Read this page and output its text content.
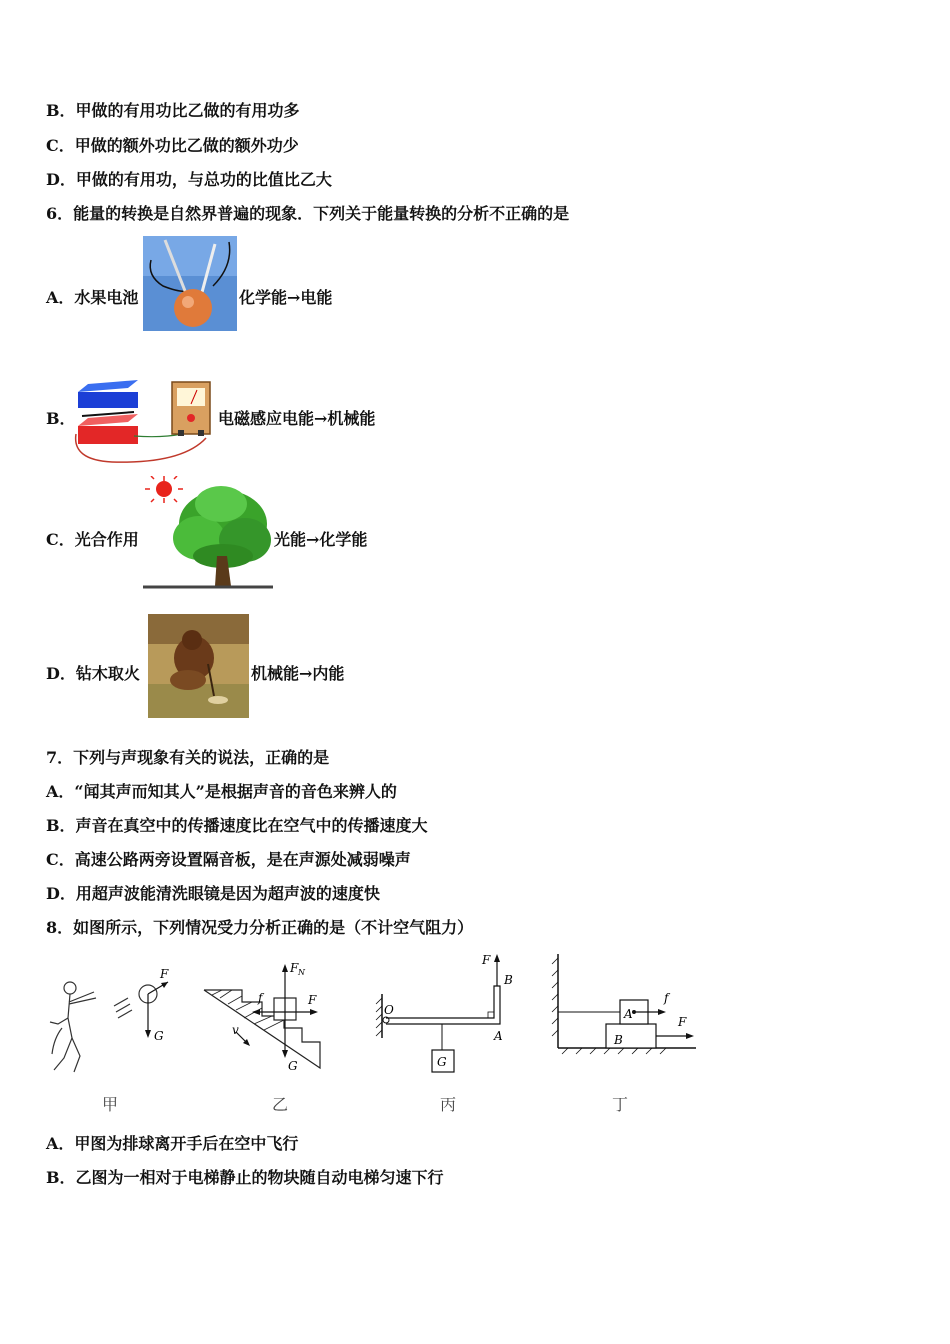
B．甲做的有用功比乙做的有用功多
C．甲做的额外功比乙做的额外功少
D．甲做的有用功，与总功的比值比乙大
6．能量的转换是自然界普遍的现象．下列关于能量转换的分析不正确的是
A．水果电池	化学能→电能
B．	电磁感应电能→机械能
C．光合作用	光能→化学能
D．钻木取火	机械能→内能
7．下列与声现象有关的说法，正确的是
A．“闻其声而知其人”是根据声音的音色来辨人的
B．声音在真空中的传播速度比在空气中的传播速度大
C．高速公路两旁设置隔音板，是在声源处减弱噪声
D．用超声波能清洗眼镜是因为超声波的速度快
8．如图所示，下列情况受力分析正确的是（不计空气阻力）
F
G
甲
F N
f	F
G
v
乙
O
F
B
A
G
丙
A
B
f
F
丁
A．甲图为排球离开手后在空中飞行
B．乙图为一相对于电梯静止的物块随自动电梯匀速下行
